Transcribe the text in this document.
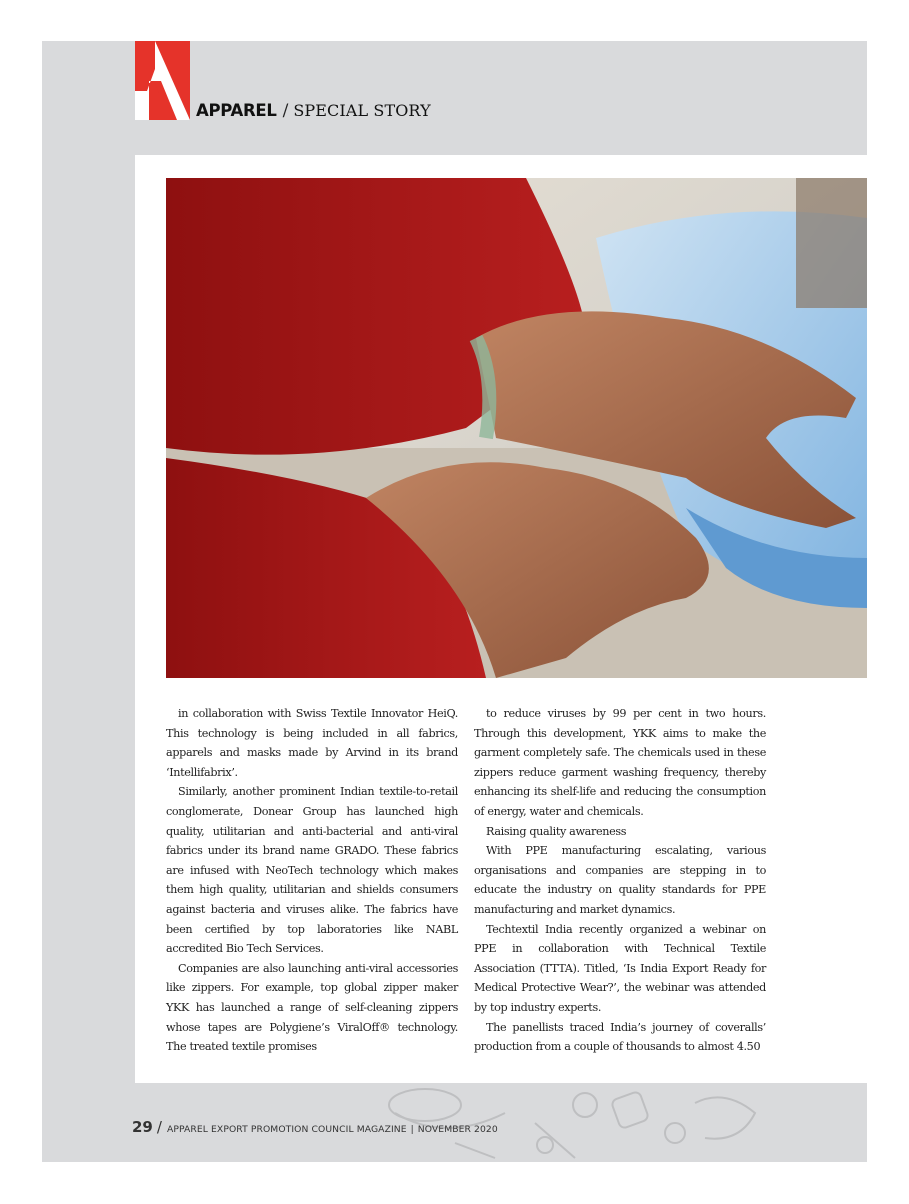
APPAREL / SPECIAL STORY

in collaboration with Swiss Textile Innovator HeiQ. This technology is being included in all fabrics, apparels and masks made by Arvind in its brand ‘Intellifabrix’.

Similarly, another prominent Indian textile-to-retail conglomerate, Donear Group has launched high quality, utilitarian and anti-bacterial and anti-viral fabrics under its brand name GRADO. These fabrics are infused with NeoTech technology which makes them high quality, utilitarian and shields consumers against bacteria and viruses alike. The fabrics have been certified by top laboratories like NABL accredited Bio Tech Services.

Companies are also launching anti-viral accessories like zippers. For example, top global zipper maker YKK has launched a range of self-cleaning zippers whose tapes are Polygiene’s ViralOff® technology. The treated textile promises

to reduce viruses by 99 per cent in two hours. Through this development, YKK aims to make the garment completely safe. The chemicals used in these zippers reduce garment washing frequency, thereby enhancing its shelf-life and reducing the consumption of energy, water and chemicals.

Raising quality awareness

With PPE manufacturing escalating, various organisations and companies are stepping in to educate the industry on quality standards for PPE manufacturing and market dynamics.

Techtextil India recently organized a webinar on PPE in collaboration with Technical Textile Association (TTTA). Titled, ‘Is India Export Ready for Medical Protective Wear?’, the webinar was attended by top industry experts.

The panellists traced India’s journey of coveralls’ production from a couple of thousands to almost 4.50

29 / APPAREL EXPORT PROMOTION COUNCIL MAGAZINE | NOVEMBER 2020
